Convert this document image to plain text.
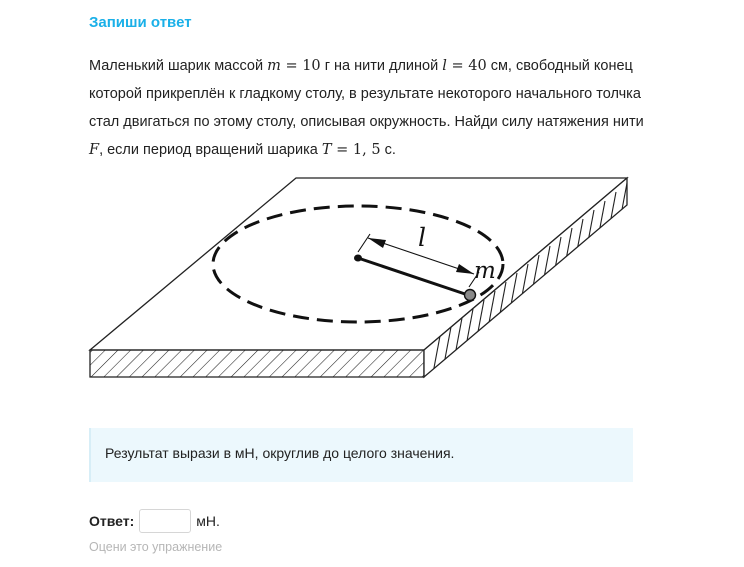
Запиши ответ
Маленький шарик массой m = 10 г на нити длиной l = 40 см, свободный конец которой прикреплён к гладкому столу, в результате некоторого начального толчка стал двигаться по этому столу, описывая окружность. Найди силу натяжения нити F, если период вращений шарика T = 1, 5 с.
l
m
Результат вырази в мН, округлив до целого значения.
Ответ:	мН.
Оцени это упражнение
